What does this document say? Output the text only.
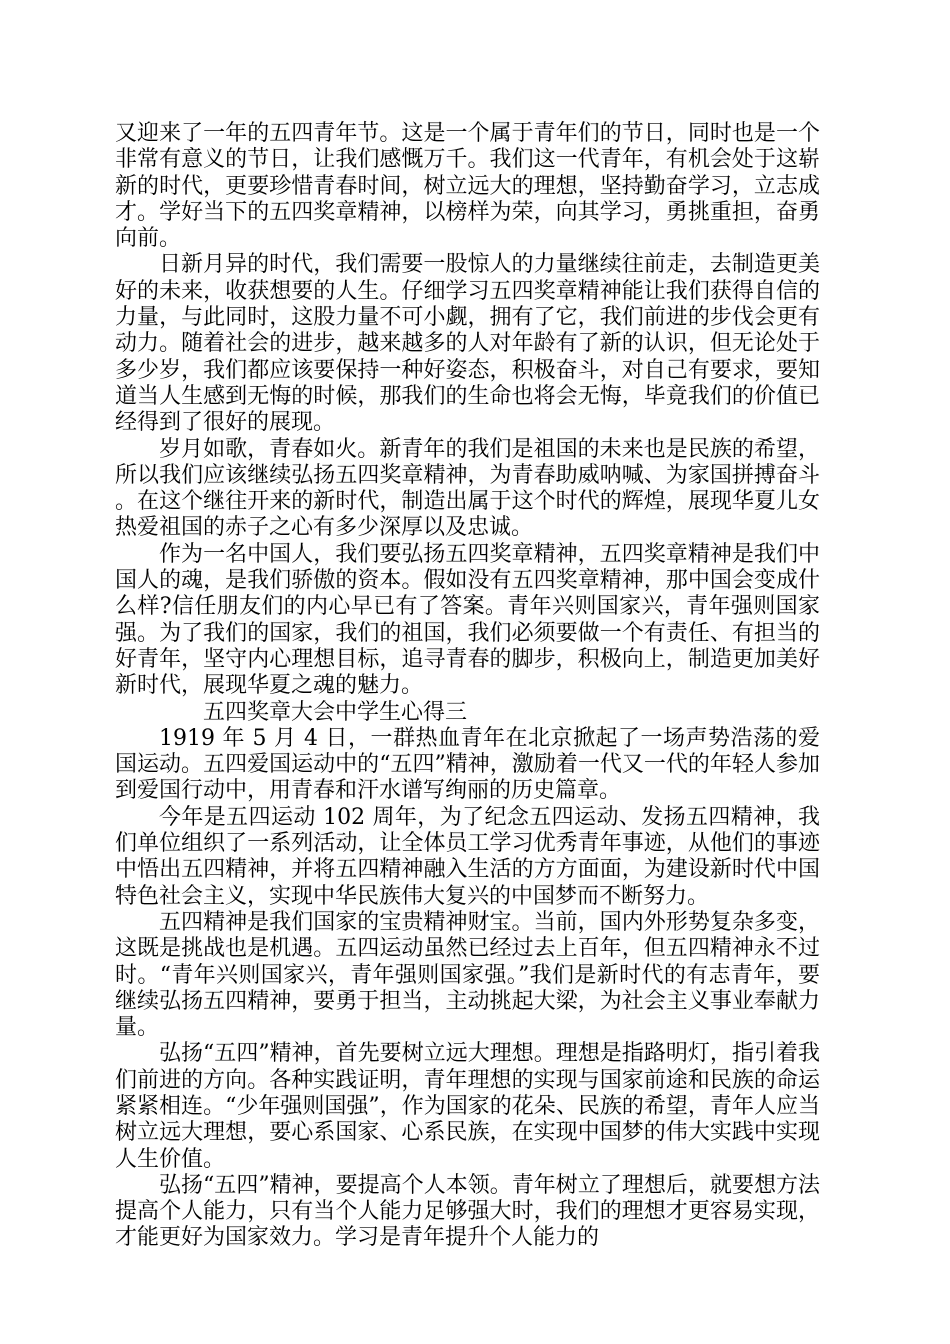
又迎来了一年的五四青年节。这是一个属于青年们的节日，同时也是一个非常有意义的节日，让我们感慨万千。我们这一代青年，有机会处于这崭新的时代，更要珍惜青春时间，树立远大的理想，坚持勤奋学习，立志成才。学好当下的五四奖章精神，以榜样为荣，向其学习，勇挑重担，奋勇向前。

日新月异的时代，我们需要一股惊人的力量继续往前走，去制造更美好的未来，收获想要的人生。仔细学习五四奖章精神能让我们获得自信的力量，与此同时，这股力量不可小觑，拥有了它，我们前进的步伐会更有动力。随着社会的进步，越来越多的人对年龄有了新的认识，但无论处于多少岁，我们都应该要保持一种好姿态，积极奋斗，对自己有要求，要知道当人生感到无悔的时候，那我们的生命也将会无悔，毕竟我们的价值已经得到了很好的展现。

岁月如歌，青春如火。新青年的我们是祖国的未来也是民族的希望，所以我们应该继续弘扬五四奖章精神，为青春助威呐喊、为家国拼搏奋斗。在这个继往开来的新时代，制造出属于这个时代的辉煌，展现华夏儿女热爱祖国的赤子之心有多少深厚以及忠诚。

作为一名中国人，我们要弘扬五四奖章精神，五四奖章精神是我们中国人的魂，是我们骄傲的资本。假如没有五四奖章精神，那中国会变成什么样?信任朋友们的内心早已有了答案。青年兴则国家兴，青年强则国家强。为了我们的国家，我们的祖国，我们必须要做一个有责任、有担当的好青年，坚守内心理想目标，追寻青春的脚步，积极向上，制造更加美好新时代，展现华夏之魂的魅力。

五四奖章大会中学生心得三

1919 年 5 月 4 日，一群热血青年在北京掀起了一场声势浩荡的爱国运动。五四爱国运动中的“五四”精神，激励着一代又一代的年轻人参加到爱国行动中，用青春和汗水谱写绚丽的历史篇章。

今年是五四运动 102 周年，为了纪念五四运动、发扬五四精神，我们单位组织了一系列活动，让全体员工学习优秀青年事迹，从他们的事迹中悟出五四精神，并将五四精神融入生活的方方面面，为建设新时代中国特色社会主义，实现中华民族伟大复兴的中国梦而不断努力。

五四精神是我们国家的宝贵精神财宝。当前，国内外形势复杂多变，这既是挑战也是机遇。五四运动虽然已经过去上百年，但五四精神永不过时。“青年兴则国家兴，青年强则国家强。”我们是新时代的有志青年，要继续弘扬五四精神，要勇于担当，主动挑起大梁，为社会主义事业奉献力量。

弘扬“五四”精神，首先要树立远大理想。理想是指路明灯，指引着我们前进的方向。各种实践证明，青年理想的实现与国家前途和民族的命运紧紧相连。“少年强则国强”，作为国家的花朵、民族的希望，青年人应当树立远大理想，要心系国家、心系民族，在实现中国梦的伟大实践中实现人生价值。

弘扬“五四”精神，要提高个人本领。青年树立了理想后，就要想方法提高个人能力，只有当个人能力足够强大时，我们的理想才更容易实现，才能更好为国家效力。学习是青年提升个人能力的
